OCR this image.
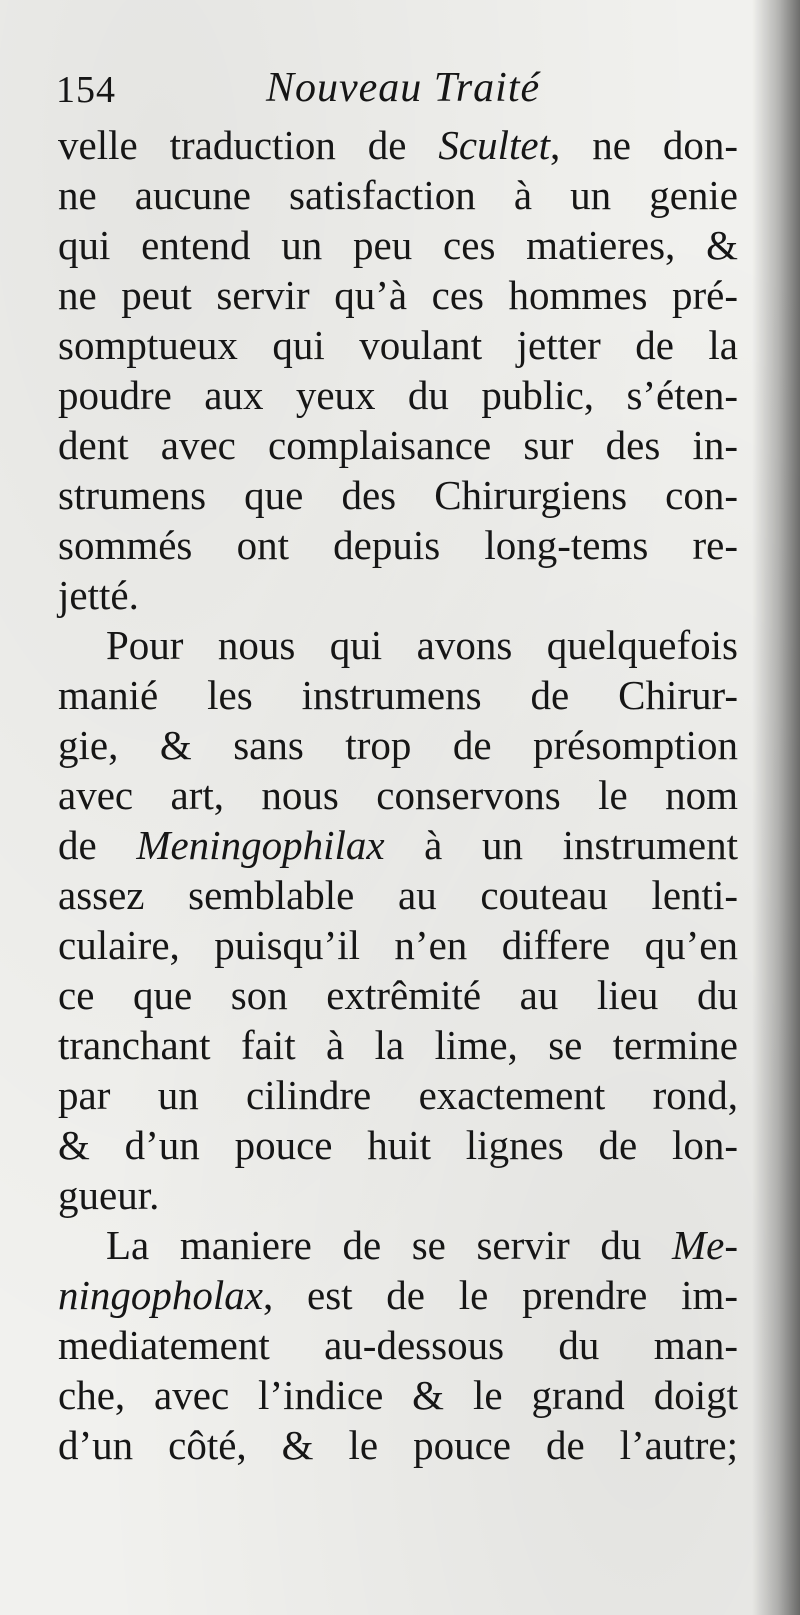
154	Nouveau Traité
velle traduction de Scultet, ne don-
ne aucune satisfaction à un genie
qui entend un peu ces matieres, &
ne peut servir qu’à ces hommes pré-
somptueux qui voulant jetter de la
poudre aux yeux du public, s’éten-
dent avec complaisance sur des in-
strumens que des Chirurgiens con-
sommés ont depuis long-tems re-
jetté.
Pour nous qui avons quelquefois
manié les instrumens de Chirur-
gie, & sans trop de présomption
avec art, nous conservons le nom
de Meningophilax à un instrument
assez semblable au couteau lenti-
culaire, puisqu’il n’en differe qu’en
ce que son extrêmité au lieu du
tranchant fait à la lime, se termine
par un cilindre exactement rond,
& d’un pouce huit lignes de lon-
gueur.
La maniere de se servir du Me-
ningopholax, est de le prendre im-
mediatement au-dessous du man-
che, avec l’indice & le grand doigt
d’un côté, & le pouce de l’autre;
